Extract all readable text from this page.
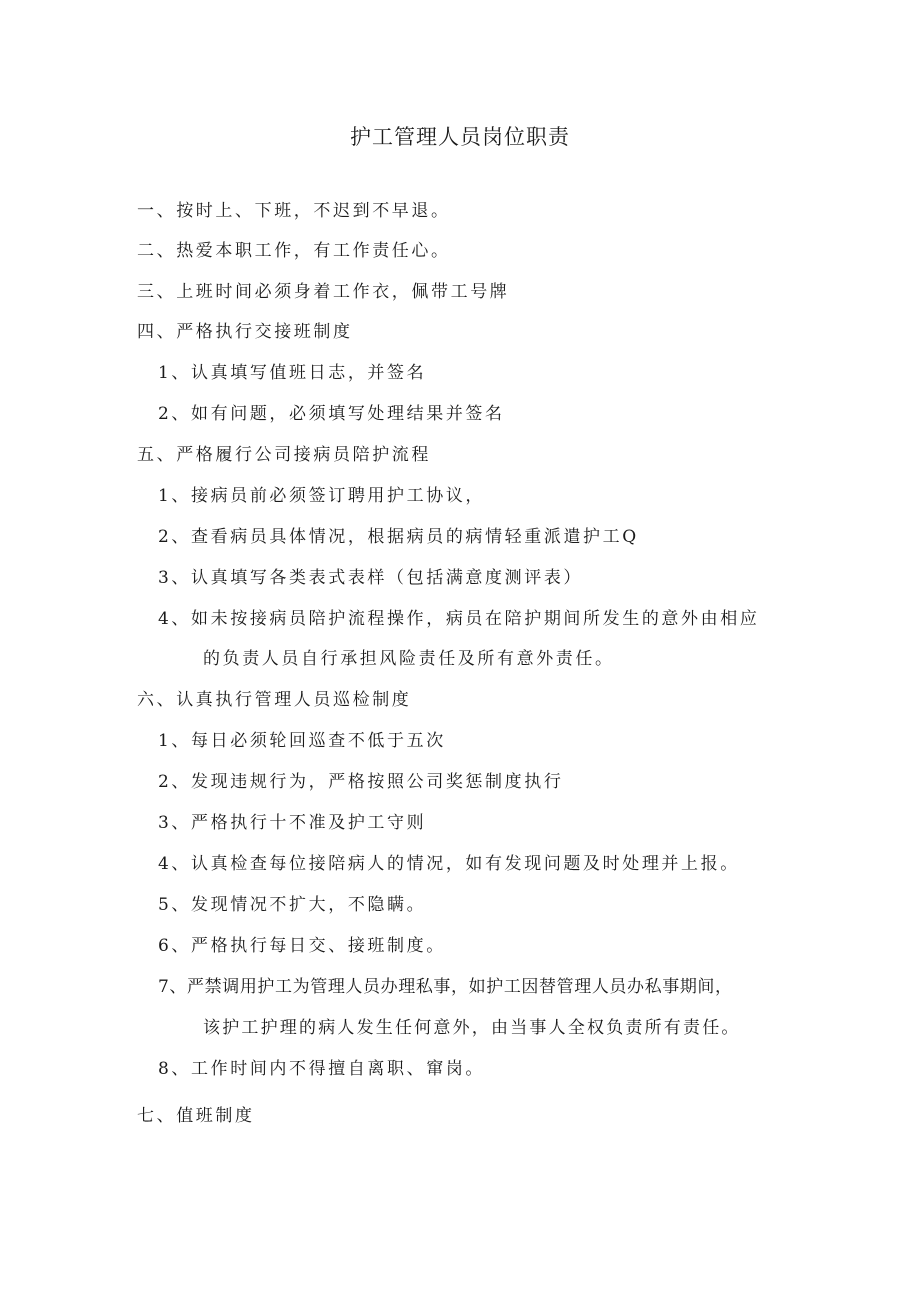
护工管理人员岗位职责
一、按时上、下班，不迟到不早退。
二、热爱本职工作，有工作责任心。
三、上班时间必须身着工作衣，佩带工号牌
四、严格执行交接班制度
1、认真填写值班日志，并签名
2、如有问题，必须填写处理结果并签名
五、严格履行公司接病员陪护流程
1、接病员前必须签订聘用护工协议，
2、查看病员具体情况，根据病员的病情轻重派遣护工Q
3、认真填写各类表式表样（包括满意度测评表）
4、如未按接病员陪护流程操作，病员在陪护期间所发生的意外由相应
的负责人员自行承担风险责任及所有意外责任。
六、认真执行管理人员巡检制度
1、每日必须轮回巡查不低于五次
2、发现违规行为，严格按照公司奖惩制度执行
3、严格执行十不准及护工守则
4、认真检查每位接陪病人的情况，如有发现问题及时处理并上报。
5、发现情况不扩大，不隐瞒。
6、严格执行每日交、接班制度。
7、严禁调用护工为管理人员办理私事，如护工因替管理人员办私事期间，
该护工护理的病人发生任何意外，由当事人全权负责所有责任。
8、工作时间内不得擅自离职、窜岗。
七、值班制度
